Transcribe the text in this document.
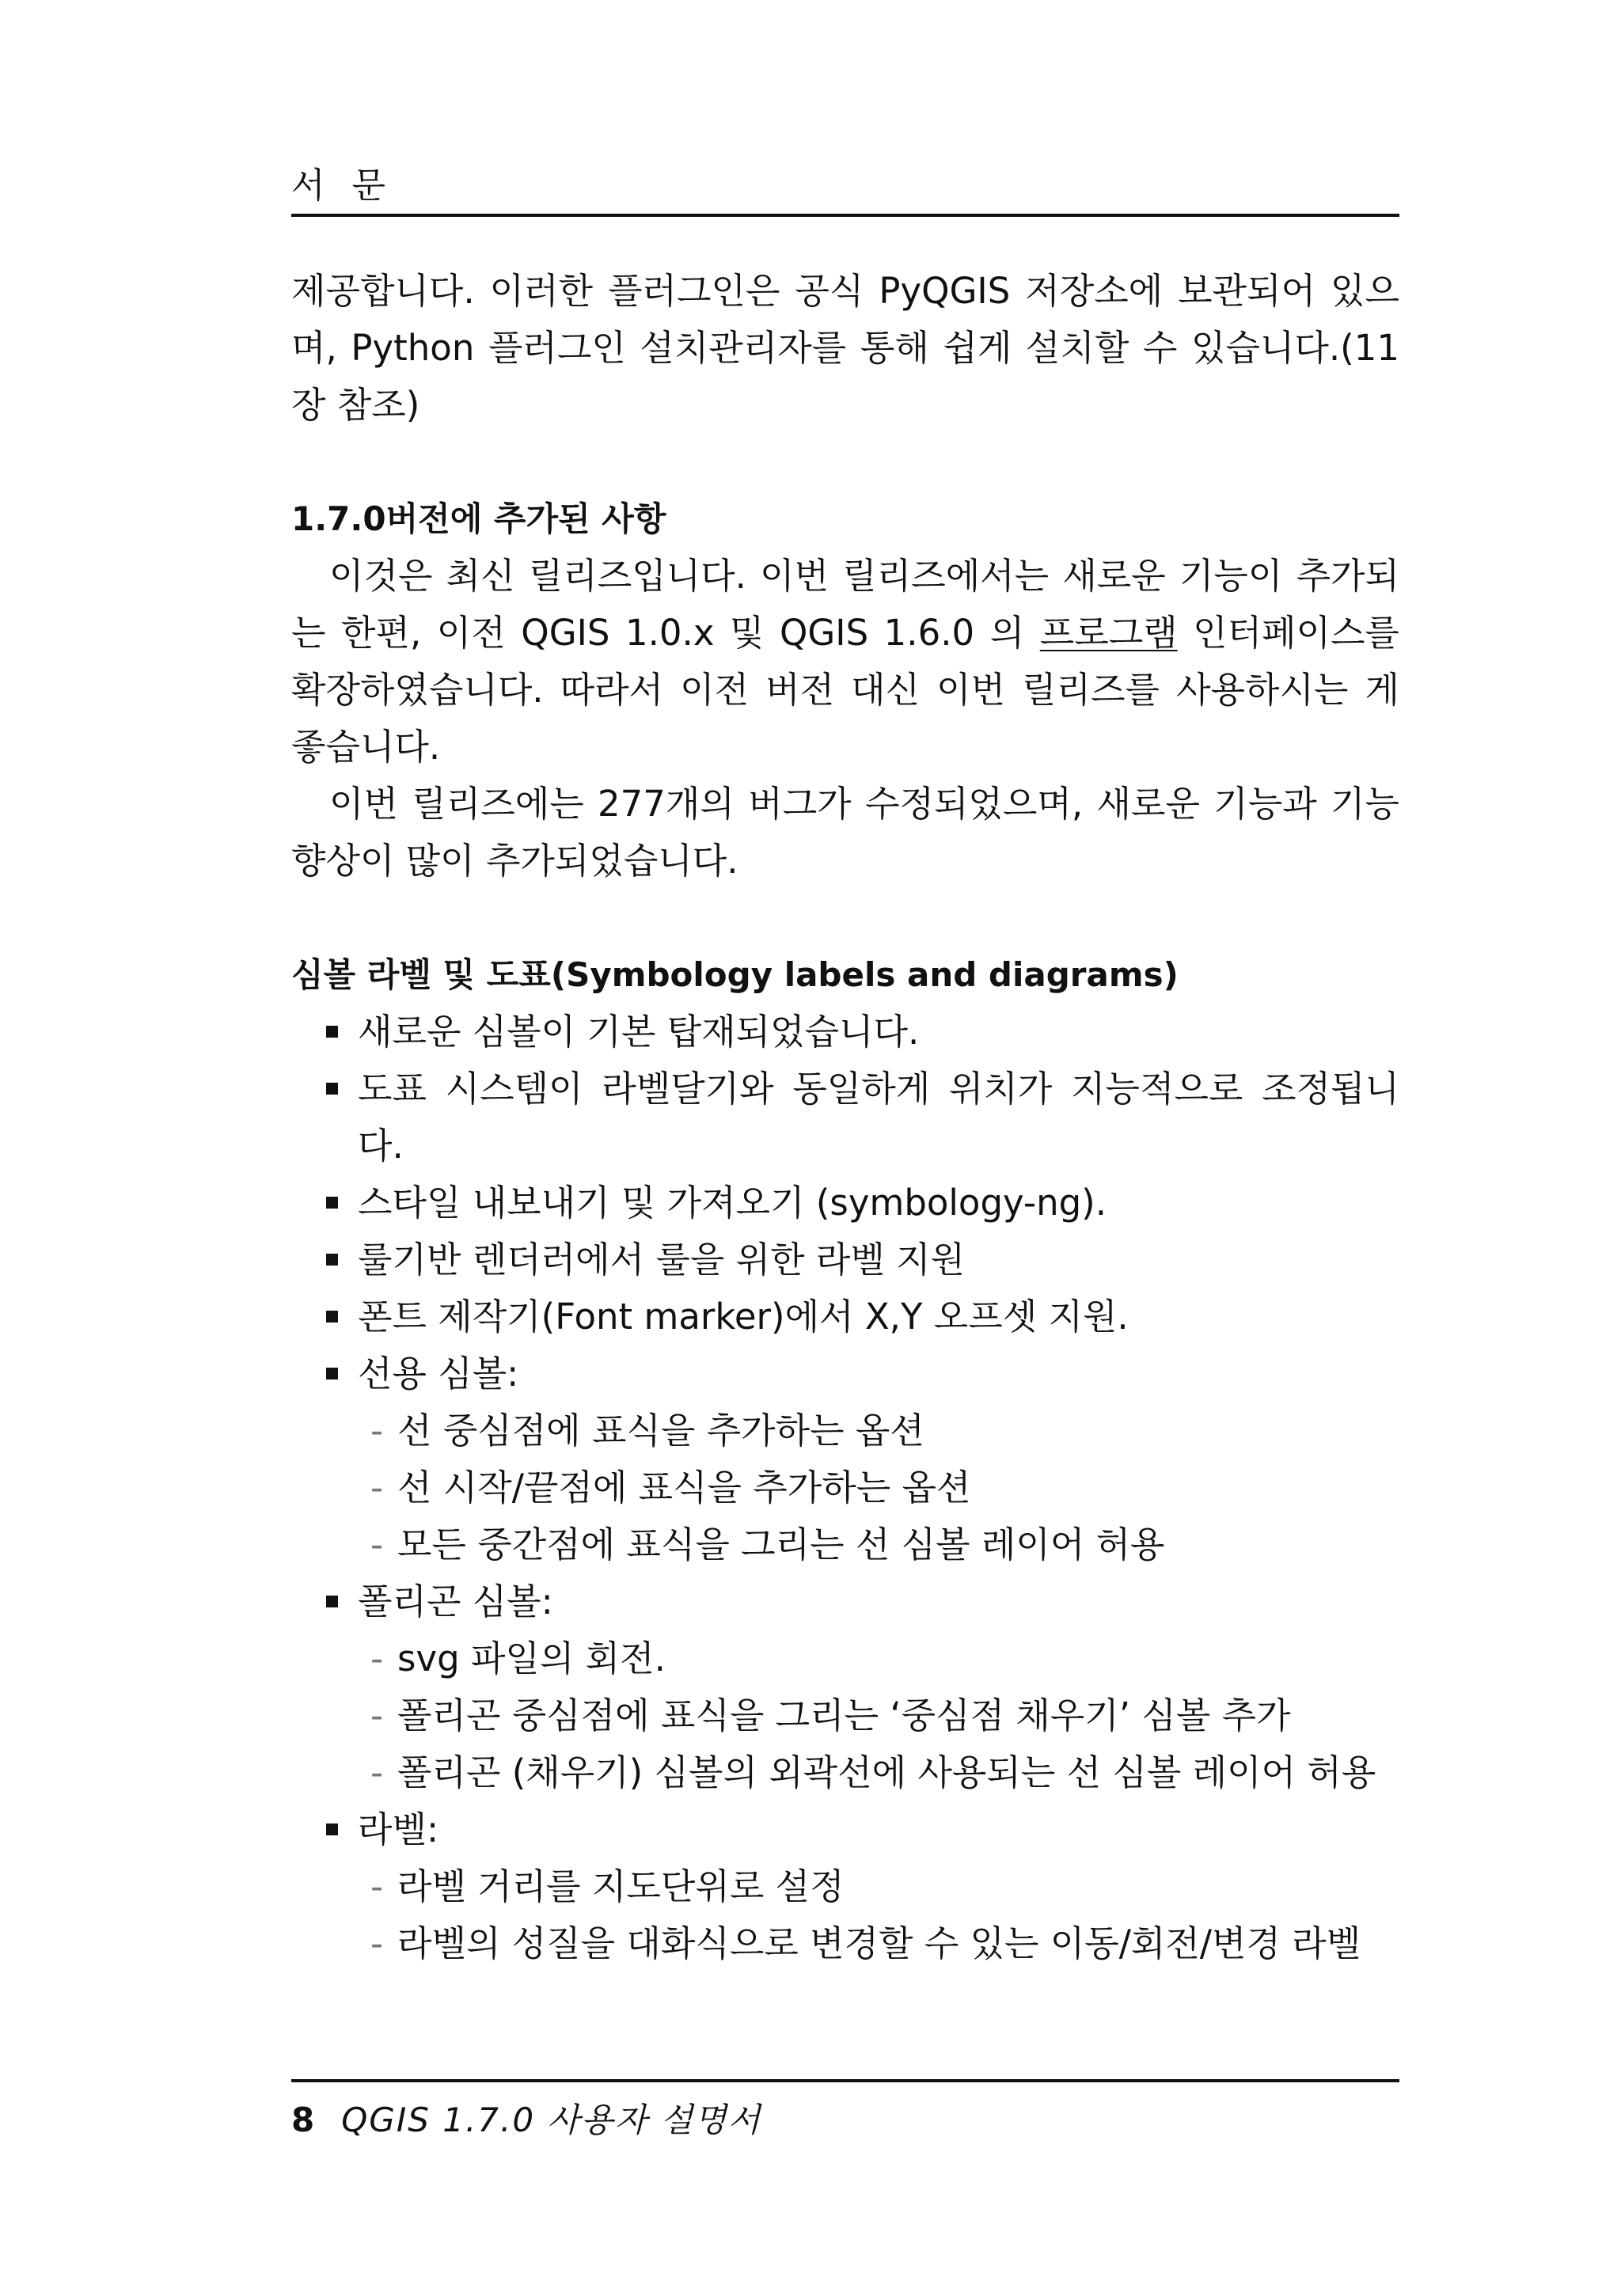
서 문

제공합니다. 이러한 플러그인은 공식 PyQGIS 저장소에 보관되어 있으며, Python 플러그인 설치관리자를 통해 쉽게 설치할 수 있습니다.(11장 참조)

1.7.0버전에 추가된 사항

이것은 최신 릴리즈입니다. 이번 릴리즈에서는 새로운 기능이 추가되는 한편, 이전 QGIS 1.0.x 및 QGIS 1.6.0 의 프로그램 인터페이스를 확장하였습니다. 따라서 이전 버전 대신 이번 릴리즈를 사용하시는 게 좋습니다.

이번 릴리즈에는 277개의 버그가 수정되었으며, 새로운 기능과 기능 향상이 많이 추가되었습니다.

심볼 라벨 및 도표(Symbology labels and diagrams)
새로운 심볼이 기본 탑재되었습니다.
도표 시스템이 라벨달기와 동일하게 위치가 지능적으로 조정됩니다.
스타일 내보내기 및 가져오기 (symbology-ng).
룰기반 렌더러에서 룰을 위한 라벨 지원
폰트 제작기(Font marker)에서 X,Y 오프셋 지원.
선용 심볼:
- 선 중심점에 표식을 추가하는 옵션
- 선 시작/끝점에 표식을 추가하는 옵션
- 모든 중간점에 표식을 그리는 선 심볼 레이어 허용
폴리곤 심볼:
- svg 파일의 회전.
- 폴리곤 중심점에 표식을 그리는 ‘중심점 채우기’ 심볼 추가
- 폴리곤 (채우기) 심볼의 외곽선에 사용되는 선 심볼 레이어 허용
라벨:
- 라벨 거리를 지도단위로 설정
- 라벨의 성질을 대화식으로 변경할 수 있는 이동/회전/변경 라벨
8 QGIS 1.7.0 사용자 설명서
